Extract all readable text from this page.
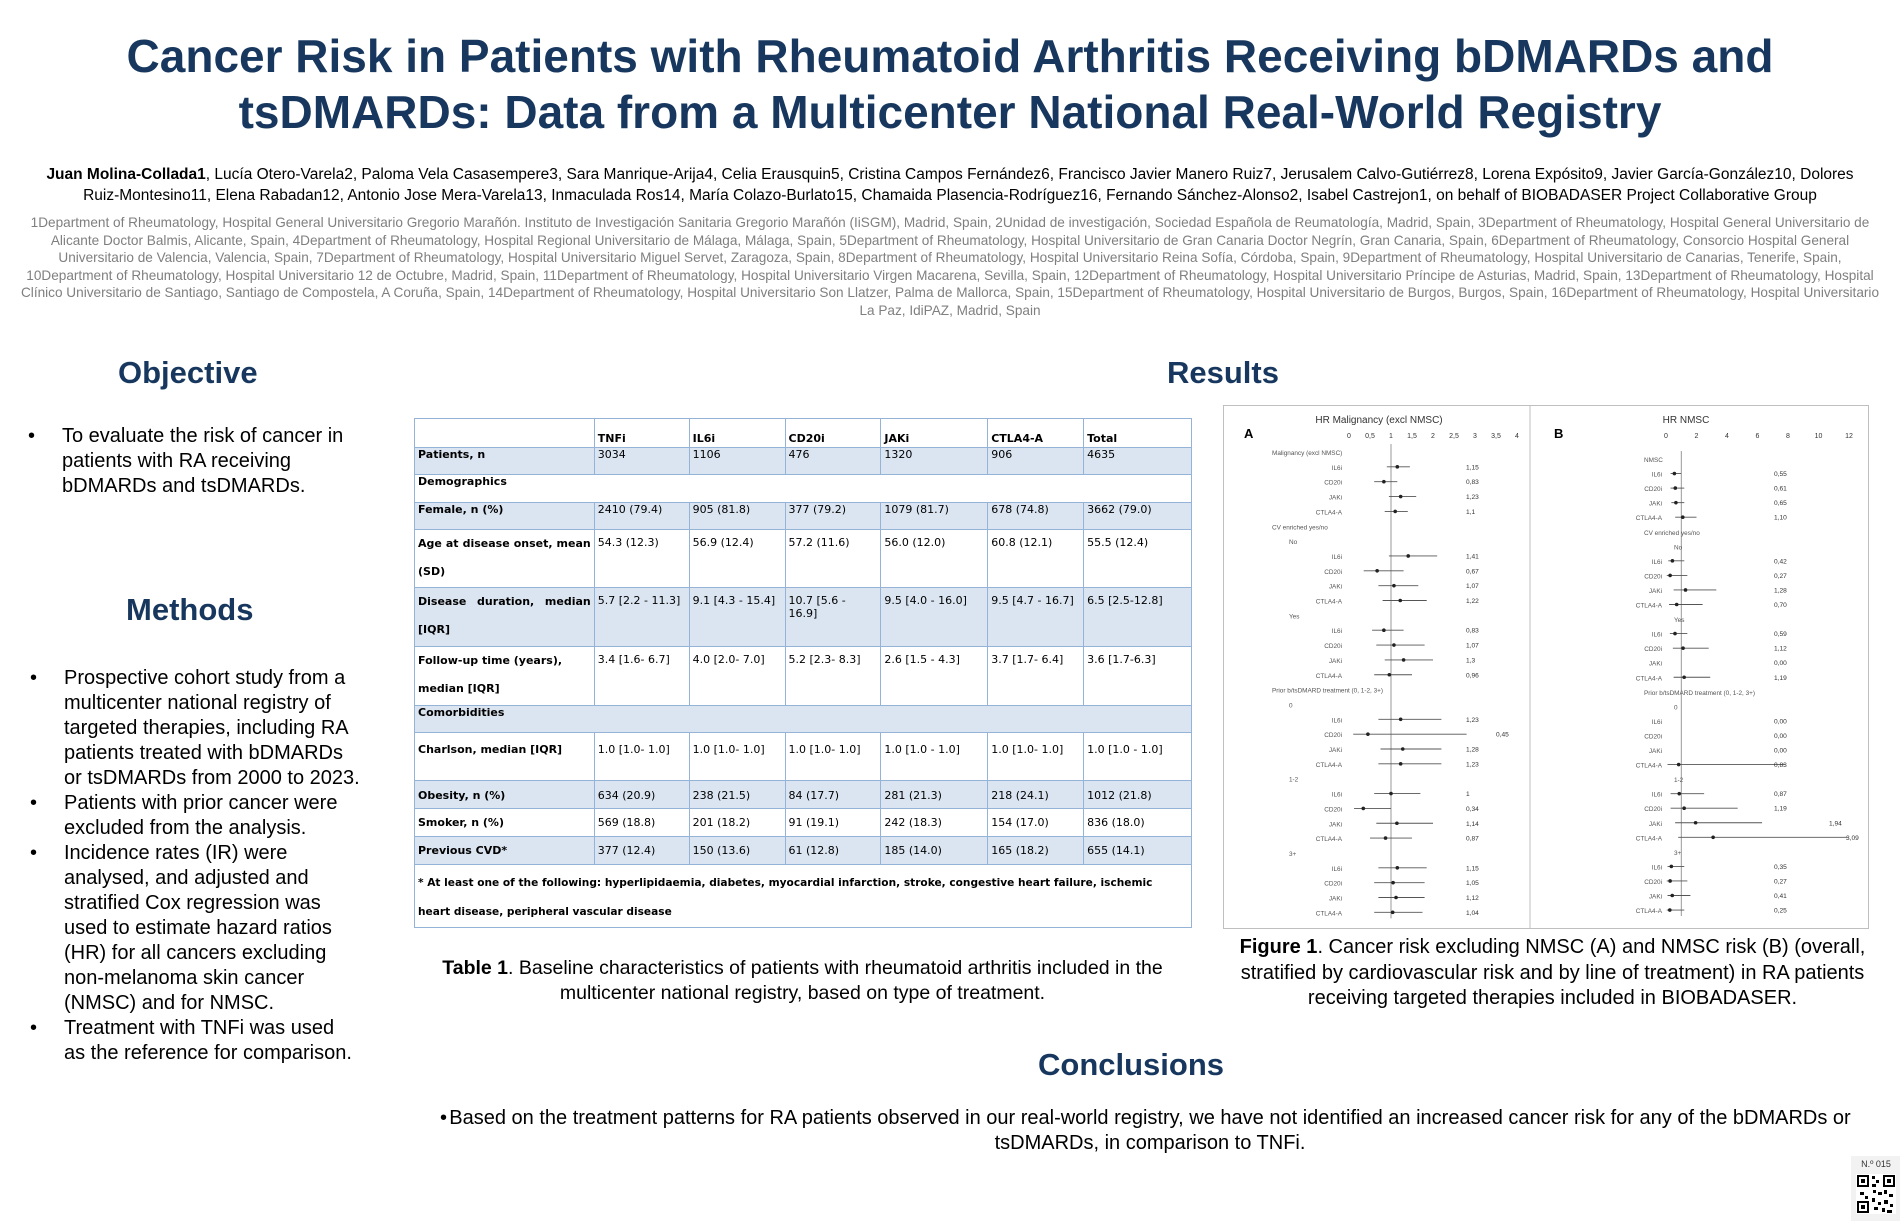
Cancer Risk in Patients with Rheumatoid Arthritis Receiving bDMARDs and
tsDMARDs: Data from a Multicenter National Real-World Registry
Juan Molina-Collada1, Lucía Otero-Varela2, Paloma Vela Casasempere3, Sara Manrique-Arija4, Celia Erausquin5, Cristina Campos Fernández6, Francisco Javier Manero Ruiz7, Jerusalem Calvo-Gutiérrez8, Lorena Expósito9, Javier García-González10, Dolores Ruiz-Montesino11, Elena Rabadan12, Antonio Jose Mera-Varela13, Inmaculada Ros14, María Colazo-Burlato15, Chamaida Plasencia-Rodríguez16, Fernando Sánchez-Alonso2, Isabel Castrejon1, on behalf of BIOBADASER Project Collaborative Group
1Department of Rheumatology, Hospital General Universitario Gregorio Marañón. Instituto de Investigación Sanitaria Gregorio Marañón (IiSGM), Madrid, Spain, 2Unidad de investigación, Sociedad Española de Reumatología, Madrid, Spain, 3Department of Rheumatology, Hospital General Universitario de Alicante Doctor Balmis, Alicante, Spain, 4Department of Rheumatology, Hospital Regional Universitario de Málaga, Málaga, Spain, 5Department of Rheumatology, Hospital Universitario de Gran Canaria Doctor Negrín, Gran Canaria, Spain, 6Department of Rheumatology, Consorcio Hospital General Universitario de Valencia, Valencia, Spain, 7Department of Rheumatology, Hospital Universitario Miguel Servet, Zaragoza, Spain, 8Department of Rheumatology, Hospital Universitario Reina Sofía, Córdoba, Spain, 9Department of Rheumatology, Hospital Universitario de Canarias, Tenerife, Spain, 10Department of Rheumatology, Hospital Universitario 12 de Octubre, Madrid, Spain, 11Department of Rheumatology, Hospital Universitario Virgen Macarena, Sevilla, Spain, 12Department of Rheumatology, Hospital Universitario Príncipe de Asturias, Madrid, Spain, 13Department of Rheumatology, Hospital Clínico Universitario de Santiago, Santiago de Compostela, A Coruña, Spain, 14Department of Rheumatology, Hospital Universitario Son Llatzer, Palma de Mallorca, Spain, 15Department of Rheumatology, Hospital Universitario de Burgos, Burgos, Spain, 16Department of Rheumatology, Hospital Universitario La Paz, IdiPAZ, Madrid, Spain
Objective
Methods
Results
Conclusions
• To evaluate the risk of cancer in patients with RA receiving bDMARDs and tsDMARDs.
• Prospective cohort study from a multicenter national registry of targeted therapies, including RA patients treated with bDMARDs or tsDMARDs from 2000 to 2023.
• Patients with prior cancer were excluded from the analysis.
• Incidence rates (IR) were analysed, and adjusted and stratified Cox regression was used to estimate hazard ratios (HR) for all cancers excluding non-melanoma skin cancer (NMSC) and for NMSC.
• Treatment with TNFi was used as the reference for comparison.
	TNFi	IL6i	CD20i	JAKi	CTLA4-A	Total
Patients, n	3034	1106	476	1320	906	4635
Demographics						
Female, n (%)	2410 (79.4)	905 (81.8)	377 (79.2)	1079 (81.7)	678 (74.8)	3662 (79.0)
Age at disease onset, mean (SD)	54.3 (12.3)	56.9 (12.4)	57.2 (11.6)	56.0 (12.0)	60.8 (12.1)	55.5 (12.4)
Disease duration, median [IQR]	5.7 [2.2 - 11.3]	9.1 [4.3 - 15.4]	10.7 [5.6 - 16.9]	9.5 [4.0 - 16.0]	9.5 [4.7 - 16.7]	6.5 [2.5-12.8]
Follow-up time (years), median [IQR]	3.4 [1.6- 6.7]	4.0 [2.0- 7.0]	5.2 [2.3- 8.3]	2.6 [1.5 - 4.3]	3.7 [1.7- 6.4]	3.6 [1.7-6.3]
Comorbidities						
Charlson, median [IQR]	1.0 [1.0- 1.0]	1.0 [1.0- 1.0]	1.0 [1.0- 1.0]	1.0 [1.0 - 1.0]	1.0 [1.0- 1.0]	1.0 [1.0 - 1.0]
Obesity, n (%)	634 (20.9)	238 (21.5)	84 (17.7)	281 (21.3)	218 (24.1)	1012 (21.8)
Smoker, n (%)	569 (18.8)	201 (18.2)	91 (19.1)	242 (18.3)	154 (17.0)	836 (18.0)
Previous CVD*	377 (12.4)	150 (13.6)	61 (12.8)	185 (14.0)	165 (18.2)	655 (14.1)
* At least one of the following: hyperlipidaemia, diabetes, myocardial infarction, stroke, congestive heart failure, ischemic heart disease, peripheral vascular disease						
Table 1. Baseline characteristics of patients with rheumatoid arthritis included in the multicenter national registry, based on type of treatment.
A
HR Malignancy (excl NMSC)
0 0,5 1 1,5 2 2,5 3 3,5 4
Malignancy (excl NMSC)
IL6i	1,15
CD20i	0,83
JAKi	1,23
CTLA4-A	1,1
CV enriched yes/no
No
IL6i	1,41
CD20i	0,67
JAKi	1,07
CTLA4-A	1,22
Yes
IL6i	0,83
CD20i	1,07
JAKi	1,3
CTLA4-A	0,96
Prior b/tsDMARD treatment (0, 1-2, 3+)
0
IL6i	1,23
CD20i	0,45
JAKi	1,28
CTLA4-A	1,23
1-2
IL6i	1
CD20i	0,34
JAKi	1,14
CTLA4-A	0,87
3+
IL6i	1,15
CD20i	1,05
JAKi	1,12
CTLA4-A	1,04
B
HR NMSC
0	2	4	6	8	10	12
NMSC
IL6i	0,55
CD20i	0,61
JAKi	0,65
CTLA4-A	1,10
CV enriched yes/no
No
IL6i	0,42
CD20i	0,27
JAKi	1,28
CTLA4-A	0,70
Yes
IL6i	0,59
CD20i	1,12
JAKi	0,00
CTLA4-A	1,19
Prior b/tsDMARD treatment (0, 1-2, 3+)
0
IL6i	0,00
CD20i	0,00
JAKi	0,00
CTLA4-A	0,83
1-2
IL6i	0,87
CD20i	1,19
JAKi	1,94
CTLA4-A	3,09
3+
IL6i	0,35
CD20i	0,27
JAKi	0,41
CTLA4-A	0,25
Figure 1. Cancer risk excluding NMSC (A) and NMSC risk (B) (overall, stratified by cardiovascular risk and by line of treatment) in RA patients receiving targeted therapies included in BIOBADASER.
• Based on the treatment patterns for RA patients observed in our real-world registry, we have not identified an increased cancer risk for any of the bDMARDs or tsDMARDs, in comparison to TNFi.
N.º 015
